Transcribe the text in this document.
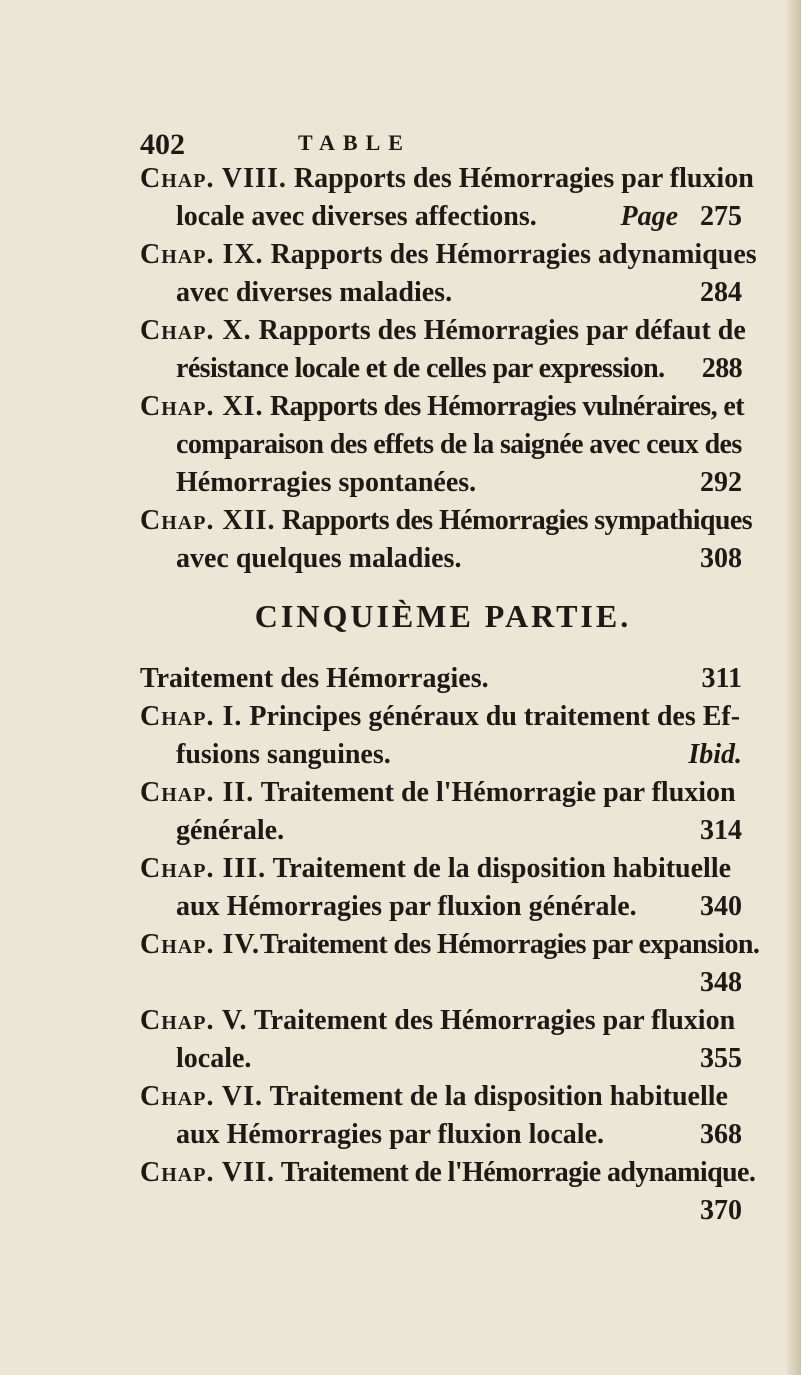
402	TABLE
Chap. VIII. Rapports des Hémorragies par fluxion
locale avec diverses affections.	Page 275
Chap. IX. Rapports des Hémorragies adynamiques
avec diverses maladies.	284
Chap. X. Rapports des Hémorragies par défaut de
résistance locale et de celles par expression. 288
Chap. XI. Rapports des Hémorragies vulnéraires, et
comparaison des effets de la saignée avec ceux des
Hémorragies spontanées.	292
Chap. XII. Rapports des Hémorragies sympathiques
avec quelques maladies.	308
CINQUIÈME PARTIE.
Traitement des Hémorragies.	311
Chap. I. Principes généraux du traitement des Ef-
fusions sanguines.	Ibid.
Chap. II. Traitement de l'Hémorragie par fluxion
générale.	314
Chap. III. Traitement de la disposition habituelle
aux Hémorragies par fluxion générale. 340
Chap. IV.Traitement des Hémorragies par expansion.
348
Chap. V. Traitement des Hémorragies par fluxion
locale.	355
Chap. VI. Traitement de la disposition habituelle
aux Hémorragies par fluxion locale.	368
Chap. VII. Traitement de l'Hémorragie adynamique.
370
